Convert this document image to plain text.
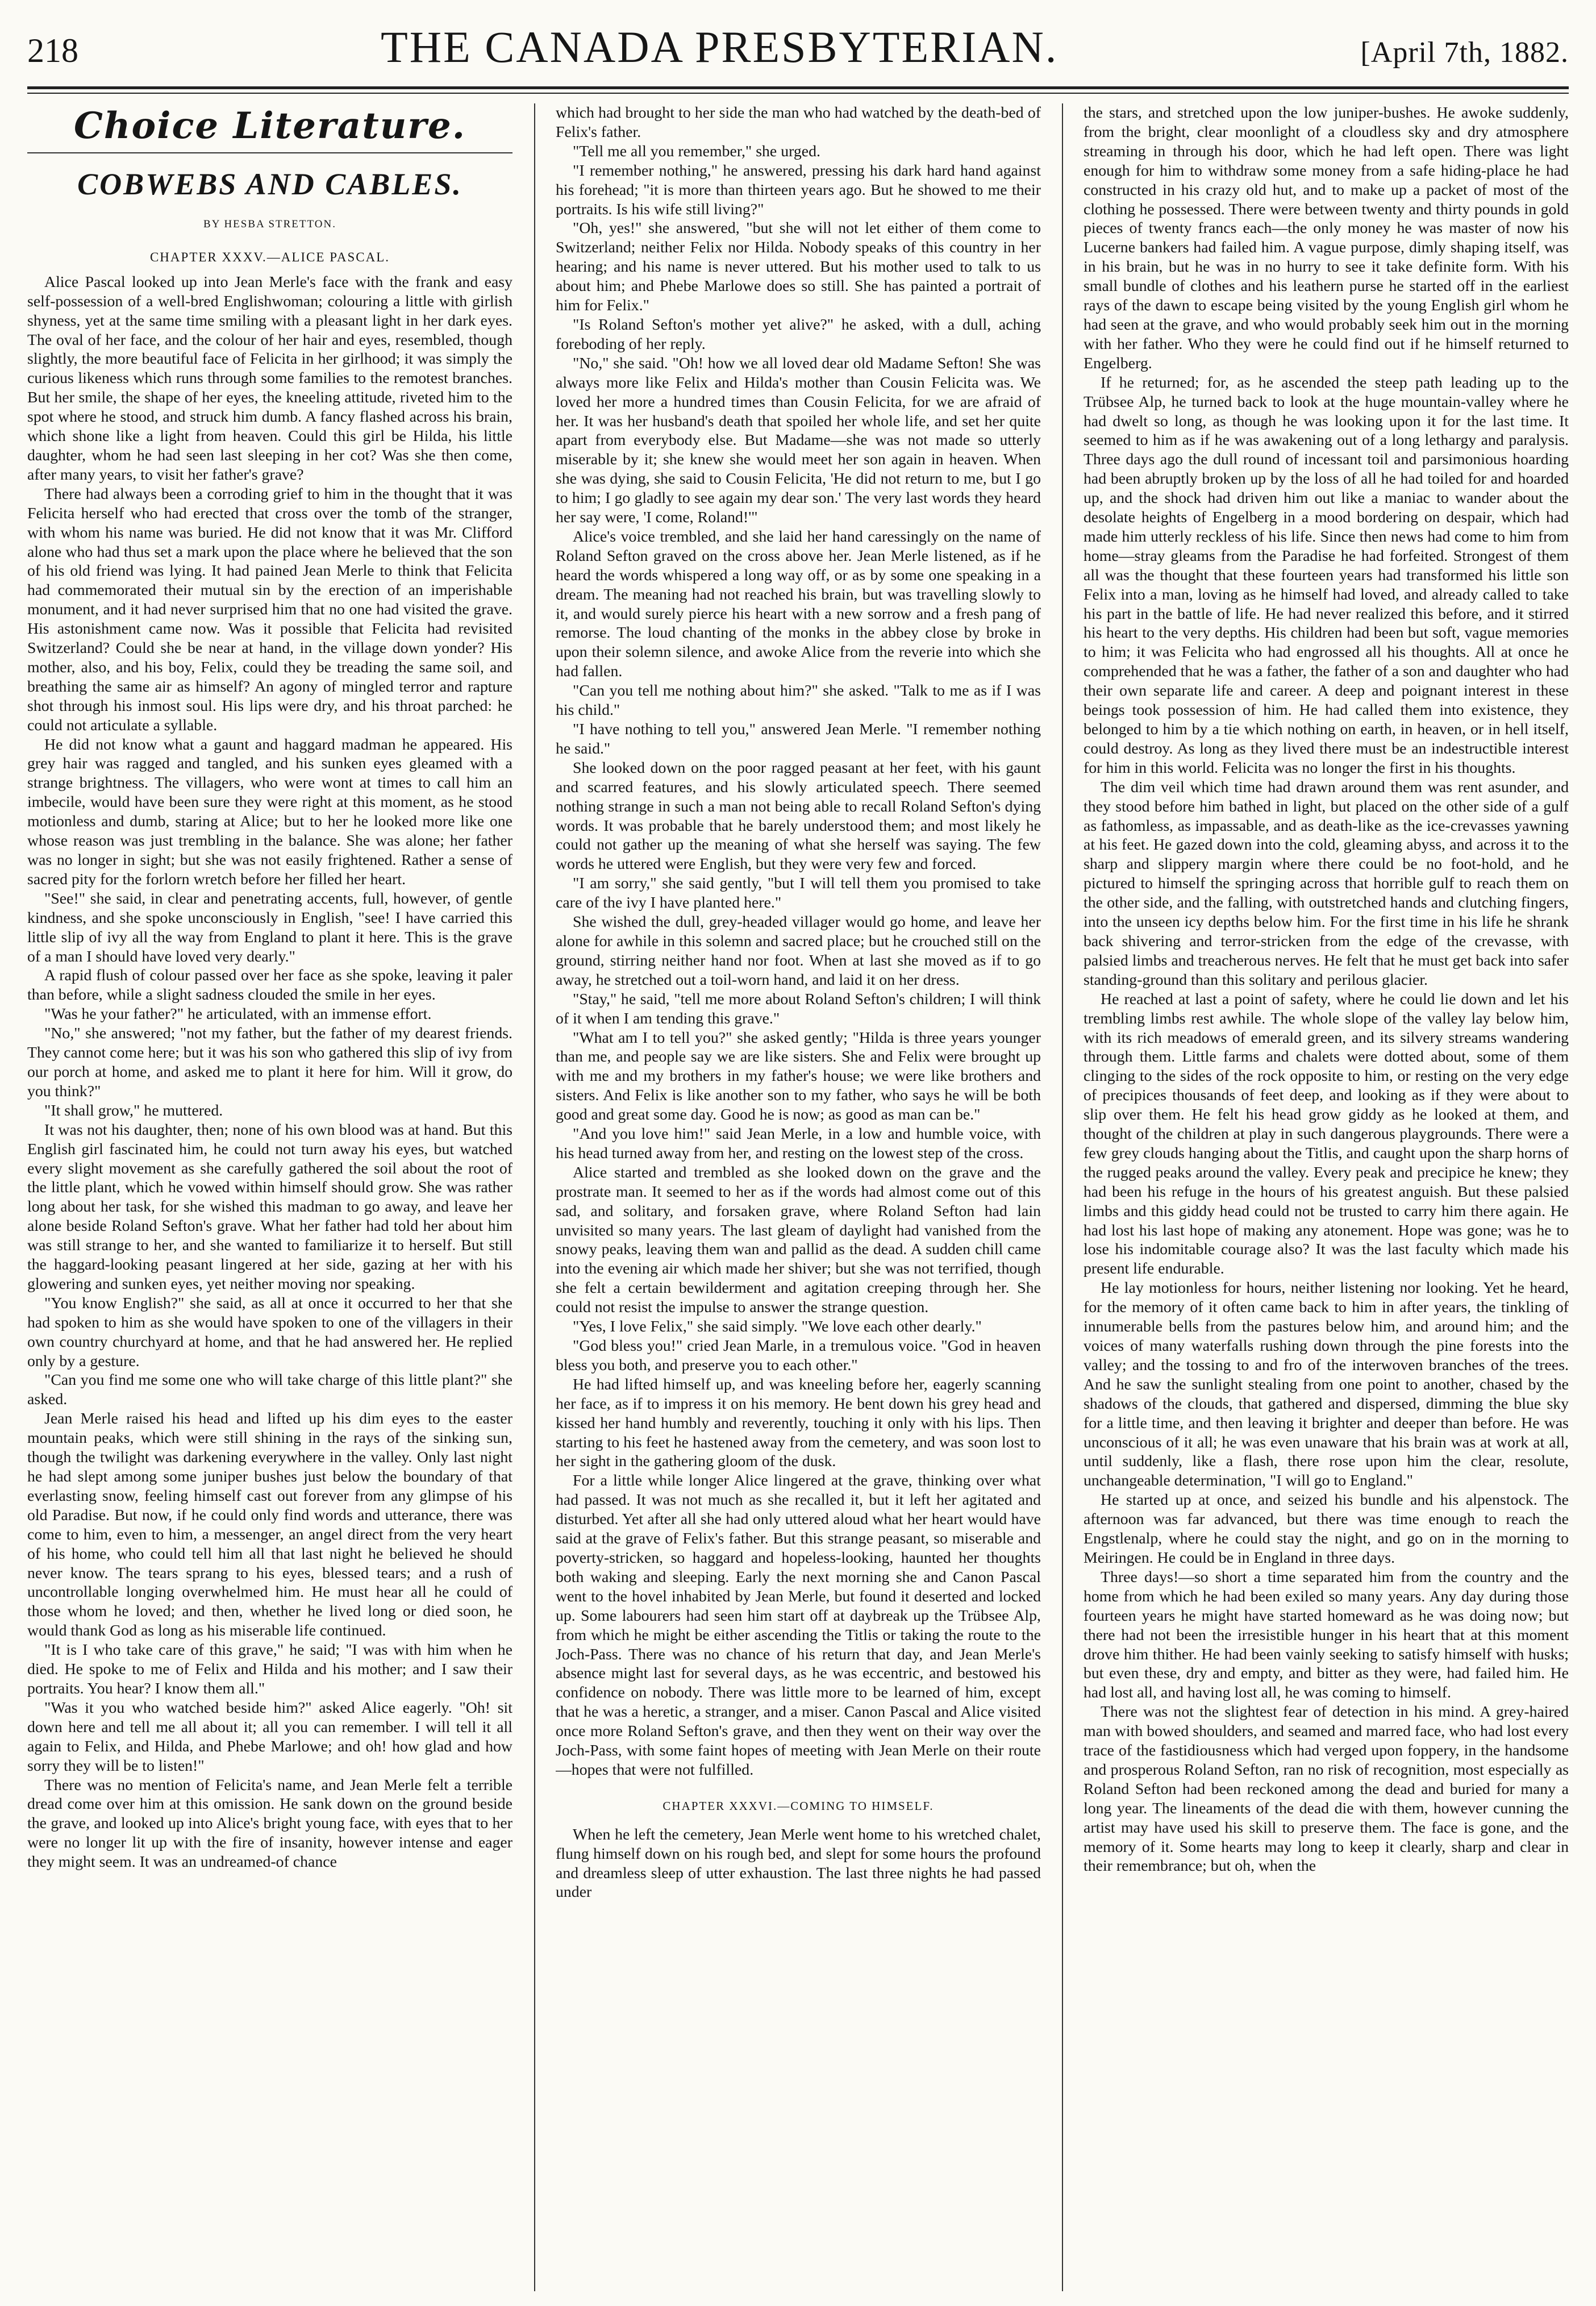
218	THE CANADA PRESBYTERIAN.	[April 7th, 1882.
Choice Literature.
COBWEBS AND CABLES.
BY HESBA STRETTON.
CHAPTER XXXV.—ALICE PASCAL.

Alice Pascal looked up into Jean Merle's face with the frank and easy self-possession of a well-bred Englishwoman; colouring a little with girlish shyness, yet at the same time smiling with a pleasant light in her dark eyes. The oval of her face, and the colour of her hair and eyes, resembled, though slightly, the more beautiful face of Felicita in her girlhood; it was simply the curious likeness which runs through some families to the remotest branches. But her smile, the shape of her eyes, the kneeling attitude, riveted him to the spot where he stood, and struck him dumb. A fancy flashed across his brain, which shone like a light from heaven. Could this girl be Hilda, his little daughter, whom he had seen last sleeping in her cot? Was she then come, after many years, to visit her father's grave?

There had always been a corroding grief to him in the thought that it was Felicita herself who had erected that cross over the tomb of the stranger, with whom his name was buried. He did not know that it was Mr. Clifford alone who had thus set a mark upon the place where he believed that the son of his old friend was lying. It had pained Jean Merle to think that Felicita had commemorated their mutual sin by the erection of an imperishable monument, and it had never surprised him that no one had visited the grave. His astonishment came now. Was it possible that Felicita had revisited Switzerland? Could she be near at hand, in the village down yonder? His mother, also, and his boy, Felix, could they be treading the same soil, and breathing the same air as himself? An agony of mingled terror and rapture shot through his inmost soul. His lips were dry, and his throat parched: he could not articulate a syllable.

He did not know what a gaunt and haggard madman he appeared. His grey hair was ragged and tangled, and his sunken eyes gleamed with a strange brightness. The villagers, who were wont at times to call him an imbecile, would have been sure they were right at this moment, as he stood motionless and dumb, staring at Alice; but to her he looked more like one whose reason was just trembling in the balance. She was alone; her father was no longer in sight; but she was not easily frightened. Rather a sense of sacred pity for the forlorn wretch before her filled her heart.

"See!" she said, in clear and penetrating accents, full, however, of gentle kindness, and she spoke unconsciously in English, "see! I have carried this little slip of ivy all the way from England to plant it here. This is the grave of a man I should have loved very dearly."

A rapid flush of colour passed over her face as she spoke, leaving it paler than before, while a slight sadness clouded the smile in her eyes.

"Was he your father?" he articulated, with an immense effort.

"No," she answered; "not my father, but the father of my dearest friends. They cannot come here; but it was his son who gathered this slip of ivy from our porch at home, and asked me to plant it here for him. Will it grow, do you think?"

"It shall grow," he muttered.

It was not his daughter, then; none of his own blood was at hand. But this English girl fascinated him, he could not turn away his eyes, but watched every slight movement as she carefully gathered the soil about the root of the little plant, which he vowed within himself should grow. She was rather long about her task, for she wished this madman to go away, and leave her alone beside Roland Sefton's grave. What her father had told her about him was still strange to her, and she wanted to familiarize it to herself. But still the haggard-looking peasant lingered at her side, gazing at her with his glowering and sunken eyes, yet neither moving nor speaking.

"You know English?" she said, as all at once it occurred to her that she had spoken to him as she would have spoken to one of the villagers in their own country churchyard at home, and that he had answered her. He replied only by a gesture.

"Can you find me some one who will take charge of this little plant?" she asked.

Jean Merle raised his head and lifted up his dim eyes to the easter mountain peaks, which were still shining in the rays of the sinking sun, though the twilight was darkening everywhere in the valley. Only last night he had slept among some juniper bushes just below the boundary of that everlasting snow, feeling himself cast out forever from any glimpse of his old Paradise. But now, if he could only find words and utterance, there was come to him, even to him, a messenger, an angel direct from the very heart of his home, who could tell him all that last night he believed he should never know. The tears sprang to his eyes, blessed tears; and a rush of uncontrollable longing overwhelmed him. He must hear all he could of those whom he loved; and then, whether he lived long or died soon, he would thank God as long as his miserable life continued.

"It is I who take care of this grave," he said; "I was with him when he died. He spoke to me of Felix and Hilda and his mother; and I saw their portraits. You hear? I know them all."

"Was it you who watched beside him?" asked Alice eagerly. "Oh! sit down here and tell me all about it; all you can remember. I will tell it all again to Felix, and Hilda, and Phebe Marlowe; and oh! how glad and how sorry they will be to listen!"

There was no mention of Felicita's name, and Jean Merle felt a terrible dread come over him at this omission. He sank down on the ground beside the grave, and looked up into Alice's bright young face, with eyes that to her were no longer lit up with the fire of insanity, however intense and eager they might seem. It was an undreamed-of chance

which had brought to her side the man who had watched by the death-bed of Felix's father.

"Tell me all you remember," she urged.

"I remember nothing," he answered, pressing his dark hard hand against his forehead; "it is more than thirteen years ago. But he showed to me their portraits. Is his wife still living?"

"Oh, yes!" she answered, "but she will not let either of them come to Switzerland; neither Felix nor Hilda. Nobody speaks of this country in her hearing; and his name is never uttered. But his mother used to talk to us about him; and Phebe Marlowe does so still. She has painted a portrait of him for Felix."

"Is Roland Sefton's mother yet alive?" he asked, with a dull, aching foreboding of her reply.

"No," she said. "Oh! how we all loved dear old Madame Sefton! She was always more like Felix and Hilda's mother than Cousin Felicita was. We loved her more a hundred times than Cousin Felicita, for we are afraid of her. It was her husband's death that spoiled her whole life, and set her quite apart from everybody else. But Madame—she was not made so utterly miserable by it; she knew she would meet her son again in heaven. When she was dying, she said to Cousin Felicita, 'He did not return to me, but I go to him; I go gladly to see again my dear son.' The very last words they heard her say were, 'I come, Roland!'"

Alice's voice trembled, and she laid her hand caressingly on the name of Roland Sefton graved on the cross above her. Jean Merle listened, as if he heard the words whispered a long way off, or as by some one speaking in a dream. The meaning had not reached his brain, but was travelling slowly to it, and would surely pierce his heart with a new sorrow and a fresh pang of remorse. The loud chanting of the monks in the abbey close by broke in upon their solemn silence, and awoke Alice from the reverie into which she had fallen.

"Can you tell me nothing about him?" she asked. "Talk to me as if I was his child."

"I have nothing to tell you," answered Jean Merle. "I remember nothing he said."

She looked down on the poor ragged peasant at her feet, with his gaunt and scarred features, and his slowly articulated speech. There seemed nothing strange in such a man not being able to recall Roland Sefton's dying words. It was probable that he barely understood them; and most likely he could not gather up the meaning of what she herself was saying. The few words he uttered were English, but they were very few and forced.

"I am sorry," she said gently, "but I will tell them you promised to take care of the ivy I have planted here."

She wished the dull, grey-headed villager would go home, and leave her alone for awhile in this solemn and sacred place; but he crouched still on the ground, stirring neither hand nor foot. When at last she moved as if to go away, he stretched out a toil-worn hand, and laid it on her dress.

"Stay," he said, "tell me more about Roland Sefton's children; I will think of it when I am tending this grave."

"What am I to tell you?" she asked gently; "Hilda is three years younger than me, and people say we are like sisters. She and Felix were brought up with me and my brothers in my father's house; we were like brothers and sisters. And Felix is like another son to my father, who says he will be both good and great some day. Good he is now; as good as man can be."

"And you love him!" said Jean Merle, in a low and humble voice, with his head turned away from her, and resting on the lowest step of the cross.

Alice started and trembled as she looked down on the grave and the prostrate man. It seemed to her as if the words had almost come out of this sad, and solitary, and forsaken grave, where Roland Sefton had lain unvisited so many years. The last gleam of daylight had vanished from the snowy peaks, leaving them wan and pallid as the dead. A sudden chill came into the evening air which made her shiver; but she was not terrified, though she felt a certain bewilderment and agitation creeping through her. She could not resist the impulse to answer the strange question.

"Yes, I love Felix," she said simply. "We love each other dearly."

"God bless you!" cried Jean Marle, in a tremulous voice. "God in heaven bless you both, and preserve you to each other."

He had lifted himself up, and was kneeling before her, eagerly scanning her face, as if to impress it on his memory. He bent down his grey head and kissed her hand humbly and reverently, touching it only with his lips. Then starting to his feet he hastened away from the cemetery, and was soon lost to her sight in the gathering gloom of the dusk.

For a little while longer Alice lingered at the grave, thinking over what had passed. It was not much as she recalled it, but it left her agitated and disturbed. Yet after all she had only uttered aloud what her heart would have said at the grave of Felix's father. But this strange peasant, so miserable and poverty-stricken, so haggard and hopeless-looking, haunted her thoughts both waking and sleeping. Early the next morning she and Canon Pascal went to the hovel inhabited by Jean Merle, but found it deserted and locked up. Some labourers had seen him start off at daybreak up the Trübsee Alp, from which he might be either ascending the Titlis or taking the route to the Joch-Pass. There was no chance of his return that day, and Jean Merle's absence might last for several days, as he was eccentric, and bestowed his confidence on nobody. There was little more to be learned of him, except that he was a heretic, a stranger, and a miser. Canon Pascal and Alice visited once more Roland Sefton's grave, and then they went on their way over the Joch-Pass, with some faint hopes of meeting with Jean Merle on their route—hopes that were not fulfilled.

CHAPTER XXXVI.—COMING TO HIMSELF.

When he left the cemetery, Jean Merle went home to his wretched chalet, flung himself down on his rough bed, and slept for some hours the profound and dreamless sleep of utter exhaustion. The last three nights he had passed under

the stars, and stretched upon the low juniper-bushes. He awoke suddenly, from the bright, clear moonlight of a cloudless sky and dry atmosphere streaming in through his door, which he had left open. There was light enough for him to withdraw some money from a safe hiding-place he had constructed in his crazy old hut, and to make up a packet of most of the clothing he possessed. There were between twenty and thirty pounds in gold pieces of twenty francs each—the only money he was master of now his Lucerne bankers had failed him. A vague purpose, dimly shaping itself, was in his brain, but he was in no hurry to see it take definite form. With his small bundle of clothes and his leathern purse he started off in the earliest rays of the dawn to escape being visited by the young English girl whom he had seen at the grave, and who would probably seek him out in the morning with her father. Who they were he could find out if he himself returned to Engelberg.

If he returned; for, as he ascended the steep path leading up to the Trübsee Alp, he turned back to look at the huge mountain-valley where he had dwelt so long, as though he was looking upon it for the last time. It seemed to him as if he was awakening out of a long lethargy and paralysis. Three days ago the dull round of incessant toil and parsimonious hoarding had been abruptly broken up by the loss of all he had toiled for and hoarded up, and the shock had driven him out like a maniac to wander about the desolate heights of Engelberg in a mood bordering on despair, which had made him utterly reckless of his life. Since then news had come to him from home—stray gleams from the Paradise he had forfeited. Strongest of them all was the thought that these fourteen years had transformed his little son Felix into a man, loving as he himself had loved, and already called to take his part in the battle of life. He had never realized this before, and it stirred his heart to the very depths. His children had been but soft, vague memories to him; it was Felicita who had engrossed all his thoughts. All at once he comprehended that he was a father, the father of a son and daughter who had their own separate life and career. A deep and poignant interest in these beings took possession of him. He had called them into existence, they belonged to him by a tie which nothing on earth, in heaven, or in hell itself, could destroy. As long as they lived there must be an indestructible interest for him in this world. Felicita was no longer the first in his thoughts.

The dim veil which time had drawn around them was rent asunder, and they stood before him bathed in light, but placed on the other side of a gulf as fathomless, as impassable, and as death-like as the ice-crevasses yawning at his feet. He gazed down into the cold, gleaming abyss, and across it to the sharp and slippery margin where there could be no foot-hold, and he pictured to himself the springing across that horrible gulf to reach them on the other side, and the falling, with outstretched hands and clutching fingers, into the unseen icy depths below him. For the first time in his life he shrank back shivering and terror-stricken from the edge of the crevasse, with palsied limbs and treacherous nerves. He felt that he must get back into safer standing-ground than this solitary and perilous glacier.

He reached at last a point of safety, where he could lie down and let his trembling limbs rest awhile. The whole slope of the valley lay below him, with its rich meadows of emerald green, and its silvery streams wandering through them. Little farms and chalets were dotted about, some of them clinging to the sides of the rock opposite to him, or resting on the very edge of precipices thousands of feet deep, and looking as if they were about to slip over them. He felt his head grow giddy as he looked at them, and thought of the children at play in such dangerous playgrounds. There were a few grey clouds hanging about the Titlis, and caught upon the sharp horns of the rugged peaks around the valley. Every peak and precipice he knew; they had been his refuge in the hours of his greatest anguish. But these palsied limbs and this giddy head could not be trusted to carry him there again. He had lost his last hope of making any atonement. Hope was gone; was he to lose his indomitable courage also? It was the last faculty which made his present life endurable.

He lay motionless for hours, neither listening nor looking. Yet he heard, for the memory of it often came back to him in after years, the tinkling of innumerable bells from the pastures below him, and around him; and the voices of many waterfalls rushing down through the pine forests into the valley; and the tossing to and fro of the interwoven branches of the trees. And he saw the sunlight stealing from one point to another, chased by the shadows of the clouds, that gathered and dispersed, dimming the blue sky for a little time, and then leaving it brighter and deeper than before. He was unconscious of it all; he was even unaware that his brain was at work at all, until suddenly, like a flash, there rose upon him the clear, resolute, unchangeable determination, "I will go to England."

He started up at once, and seized his bundle and his alpenstock. The afternoon was far advanced, but there was time enough to reach the Engstlenalp, where he could stay the night, and go on in the morning to Meiringen. He could be in England in three days.

Three days!—so short a time separated him from the country and the home from which he had been exiled so many years. Any day during those fourteen years he might have started homeward as he was doing now; but there had not been the irresistible hunger in his heart that at this moment drove him thither. He had been vainly seeking to satisfy himself with husks; but even these, dry and empty, and bitter as they were, had failed him. He had lost all, and having lost all, he was coming to himself.

There was not the slightest fear of detection in his mind. A grey-haired man with bowed shoulders, and seamed and marred face, who had lost every trace of the fastidiousness which had verged upon foppery, in the handsome and prosperous Roland Sefton, ran no risk of recognition, most especially as Roland Sefton had been reckoned among the dead and buried for many a long year. The lineaments of the dead die with them, however cunning the artist may have used his skill to preserve them. The face is gone, and the memory of it. Some hearts may long to keep it clearly, sharp and clear in their remembrance; but oh, when the
